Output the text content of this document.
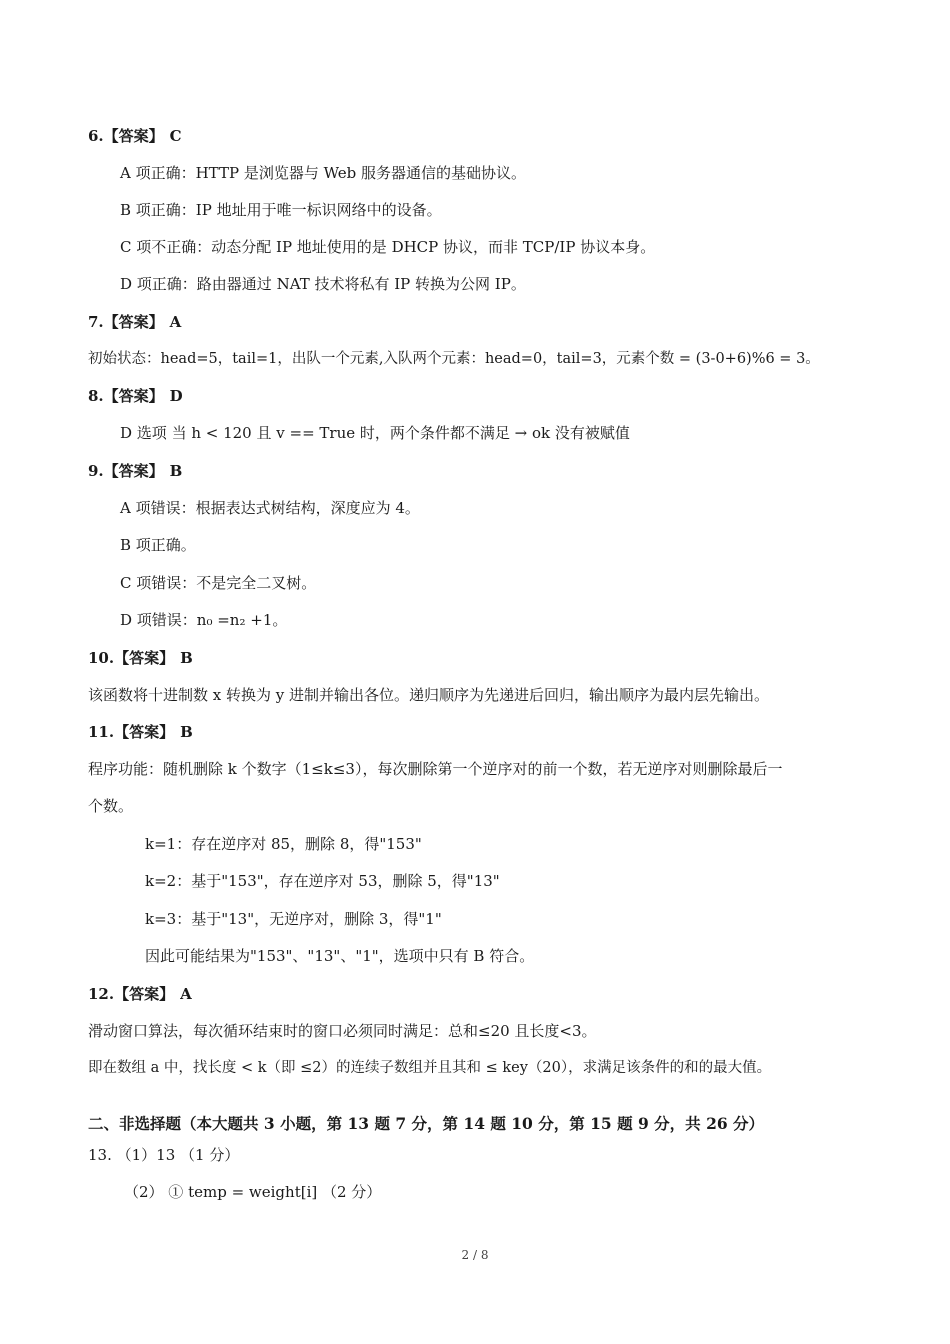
6.【答案】 C
A 项正确：HTTP 是浏览器与 Web 服务器通信的基础协议。
B 项正确：IP 地址用于唯一标识网络中的设备。
C 项不正确：动态分配 IP 地址使用的是 DHCP 协议，而非 TCP/IP 协议本身。
D 项正确：路由器通过 NAT 技术将私有 IP 转换为公网 IP。
7.【答案】 A
初始状态：head=5，tail=1，出队一个元素,入队两个元素：head=0，tail=3，元素个数 = (3-0+6)%6 = 3。
8.【答案】 D
D 选项 当 h < 120 且 v == True 时，两个条件都不满足 → ok 没有被赋值
9.【答案】 B
A 项错误：根据表达式树结构，深度应为 4。
B 项正确。
C 项错误：不是完全二叉树。
D 项错误：n₀ =n₂ +1。
10.【答案】 B
该函数将十进制数 x 转换为 y 进制并输出各位。递归顺序为先递进后回归，输出顺序为最内层先输出。
11.【答案】 B
程序功能：随机删除 k 个数字（1≤k≤3），每次删除第一个逆序对的前一个数，若无逆序对则删除最后一
个数。
k=1：存在逆序对 85，删除 8，得"153"
k=2：基于"153"，存在逆序对 53，删除 5，得"13"
k=3：基于"13"，无逆序对，删除 3，得"1"
因此可能结果为"153"、"13"、"1"，选项中只有 B 符合。
12.【答案】 A
滑动窗口算法，每次循环结束时的窗口必须同时满足：总和≤20 且长度<3。
即在数组 a 中，找长度 < k（即 ≤2）的连续子数组并且其和 ≤ key（20），求满足该条件的和的最大值。
二、非选择题（本大题共 3 小题，第 13 题 7 分，第 14 题 10 分，第 15 题 9 分，共 26 分）
13. （1）13 （1 分）
（2） ① temp = weight[i] （2 分）
2 / 8
